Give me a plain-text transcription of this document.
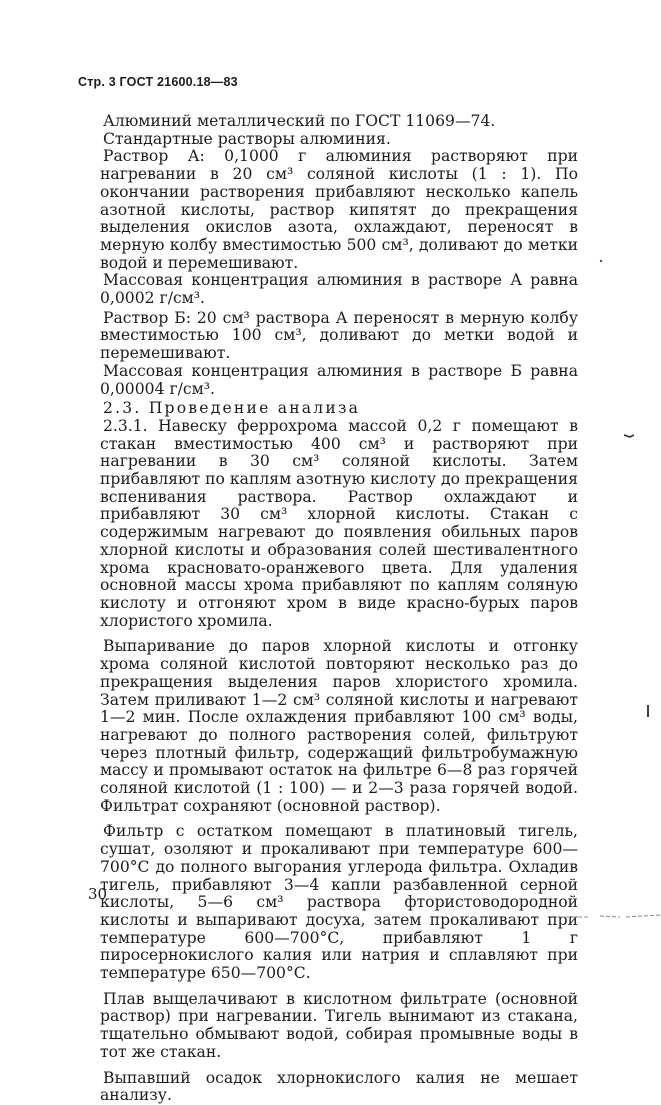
Стр. 3 ГОСТ 21600.18—83

Алюминий металлический по ГОСТ 11069—74.

Стандартные растворы алюминия.

Раствор А: 0,1000 г алюминия растворяют при нагревании в 20 см³ соляной кислоты (1 : 1). По окончании растворения прибавляют несколько капель азотной кислоты, раствор кипятят до прекращения выделения окислов азота, охлаждают, переносят в мерную колбу вместимостью 500 см³, доливают до метки водой и перемешивают.

Массовая концентрация алюминия в растворе А равна 0,0002 г/см³.

Раствор Б: 20 см³ раствора А переносят в мерную колбу вместимостью 100 см³, доливают до метки водой и перемешивают.

Массовая концентрация алюминия в растворе Б равна 0,00004 г/см³.

2.3. Проведение анализа

2.3.1. Навеску феррохрома массой 0,2 г помещают в стакан вместимостью 400 см³ и растворяют при нагревании в 30 см³ соляной кислоты. Затем прибавляют по каплям азотную кислоту до прекращения вспенивания раствора. Раствор охлаждают и прибавляют 30 см³ хлорной кислоты. Стакан с содержимым нагревают до появления обильных паров хлорной кислоты и образования солей шестивалентного хрома красновато-оранжевого цвета. Для удаления основной массы хрома прибавляют по каплям соляную кислоту и отгоняют хром в виде красно-бурых паров хлористого хромила.

Выпаривание до паров хлорной кислоты и отгонку хрома соляной кислотой повторяют несколько раз до прекращения выделения паров хлористого хромила. Затем приливают 1—2 см³ соляной кислоты и нагревают 1—2 мин. После охлаждения прибавляют 100 см³ воды, нагревают до полного растворения солей, фильтруют через плотный фильтр, содержащий фильтробумажную массу и промывают остаток на фильтре 6—8 раз горячей соляной кислотой (1 : 100) — и 2—3 раза горячей водой. Фильтрат сохраняют (основной раствор).

Фильтр с остатком помещают в платиновый тигель, сушат, озоляют и прокаливают при температуре 600—700°С до полного выгорания углерода фильтра. Охладив тигель, прибавляют 3—4 капли разбавленной серной кислоты, 5—6 см³ раствора фтористоводородной кислоты и выпаривают досуха, затем прокаливают при температуре 600—700°С, прибавляют 1 г пиросернокислого калия или натрия и сплавляют при температуре 650—700°С.

Плав выщелачивают в кислотном фильтрате (основной раствор) при нагревании. Тигель вынимают из стакана, тщательно обмывают водой, собирая промывные воды в тот же стакан.

Выпавший осадок хлорнокислого калия не мешает анализу.

30
